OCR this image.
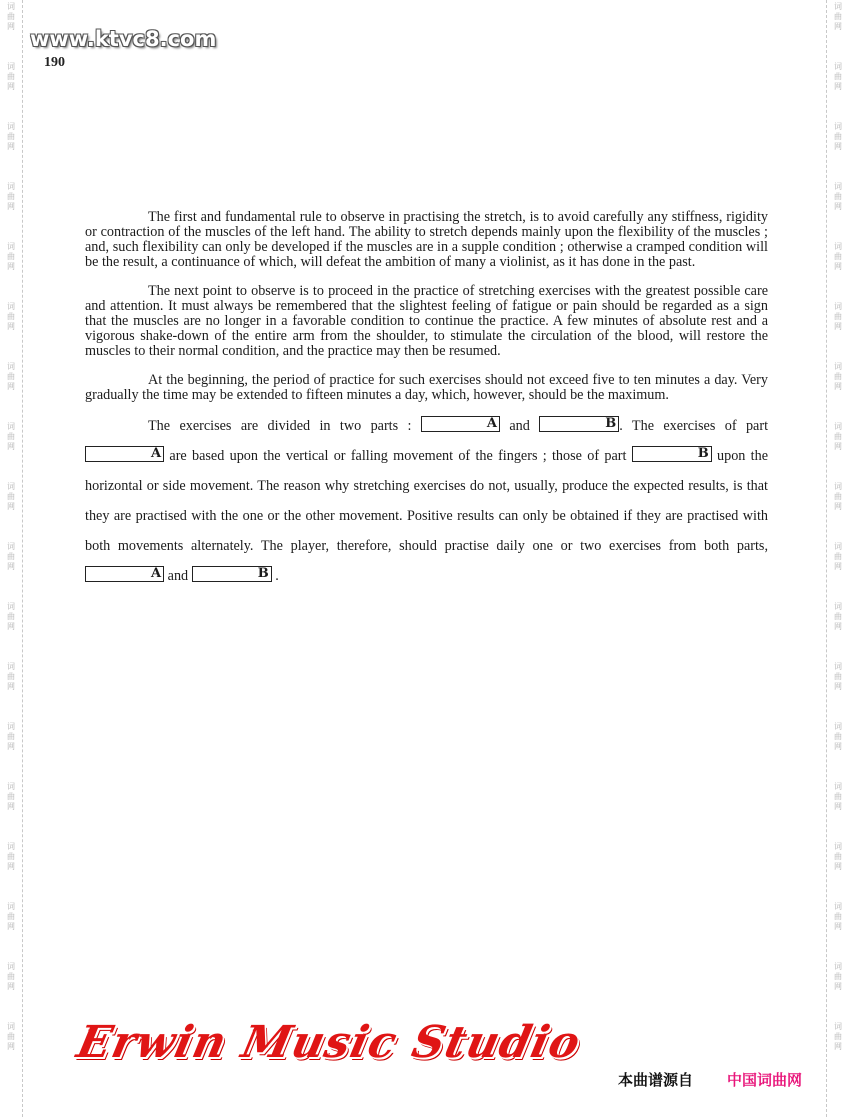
词
曲
网
词
曲
网
词
曲
网
词
曲
网
词
曲
网
词
曲
网
词
曲
网
词
曲
网
词
曲
网
词
曲
网
词
曲
网
词
曲
网
词
曲
网
词
曲
网
词
曲
网
词
曲
网
词
曲
网
词
曲
网
词
曲
网
词
曲
网
词
曲
网
词
曲
网
词
曲
网
词
曲
网
词
曲
网
词
曲
网
词
曲
网
词
曲
网
词
曲
网
词
曲
网
词
曲
网
词
曲
网
词
曲
网
词
曲
网
词
曲
网
词
曲
网
www.ktvc8.com
190

The first and fundamental rule to observe in practising the stretch, is to avoid carefully any stiffness, rigidity or contraction of the muscles of the left hand. The ability to stretch depends mainly upon the flexibility of the muscles ; and, such flexibility can only be developed if the muscles are in a supple condition ; otherwise a cramped condition will be the result, a continuance of which, will defeat the ambition of many a violinist, as it has done in the past.

The next point to observe is to proceed in the practice of stretching exercises with the greatest possible care and attention. It must always be remembered that the slightest feeling of fatigue or pain should be regarded as a sign that the muscles are no longer in a favorable condition to continue the practice. A few minutes of absolute rest and a vigorous shake-down of the entire arm from the shoulder, to stimulate the circulation of the blood, will restore the muscles to their normal condition, and the practice may then be resumed.

At the beginning, the period of practice for such exercises should not exceed five to ten minutes a day. Very gradually the time may be extended to fifteen minutes a day, which, however, should be the maximum.

The exercises are divided in two parts :	A and	B . The exercises of part A are based upon the vertical or falling movement of the fingers ; those of part	B upon the horizontal or side movement. The reason why stretching exercises do not, usually, produce the expected results, is that they are practised with the one or the other movement. Positive results can only be obtained if they are practised with both movements alternately. The player, therefore, should practise daily one or two exercises from both parts, A and	B .

Erwin Music Studio
本曲谱源自 中国词曲网
